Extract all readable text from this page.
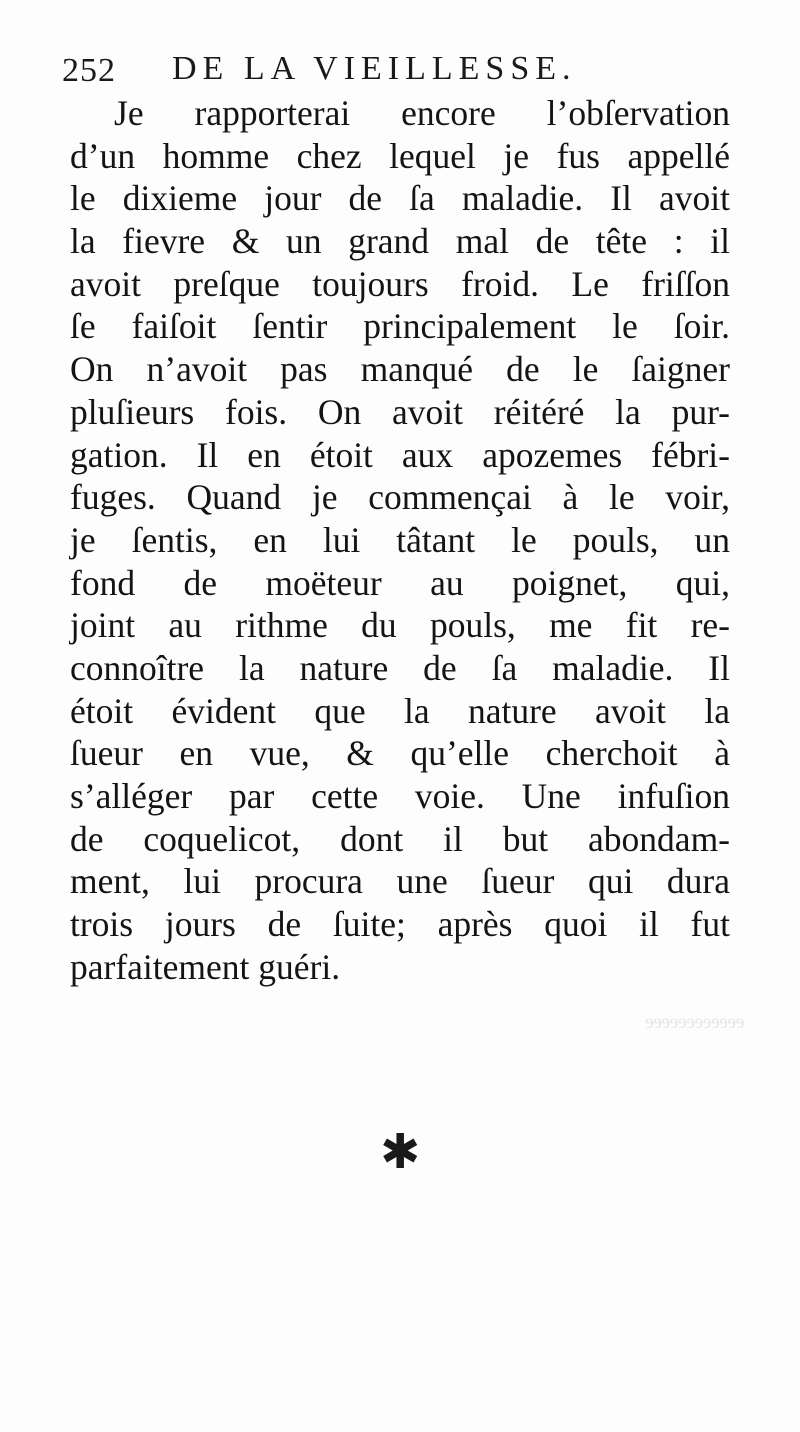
ͤ ͤ ͤ ͤ ͤ ͤ ͤ ͤ ͤ ͤ ͤ ͤ
252 DE LA VIEILLESSE.
Je rapporterai encore l’obſervation
d’un homme chez lequel je fus appellé
le dixieme jour de ſa maladie. Il avoit
la fievre & un grand mal de tête : il
avoit preſque toujours froid. Le friſſon
ſe faiſoit ſentir principalement le ſoir.
On n’avoit pas manqué de le ſaigner
pluſieurs fois. On avoit réitéré la pur-
gation. Il en étoit aux apozemes fébri-
fuges. Quand je commençai à le voir,
je ſentis, en lui tâtant le pouls, un
fond de moëteur au poignet, qui,
joint au rithme du pouls, me fit re-
connoître la nature de ſa maladie. Il
étoit évident que la nature avoit la
ſueur en vue, & qu’elle cherchoit à
s’alléger par cette voie. Une infuſion
de coquelicot, dont il but abondam-
ment, lui procura une ſueur qui dura
trois jours de ſuite; après quoi il fut
parfaitement guéri.
✱
